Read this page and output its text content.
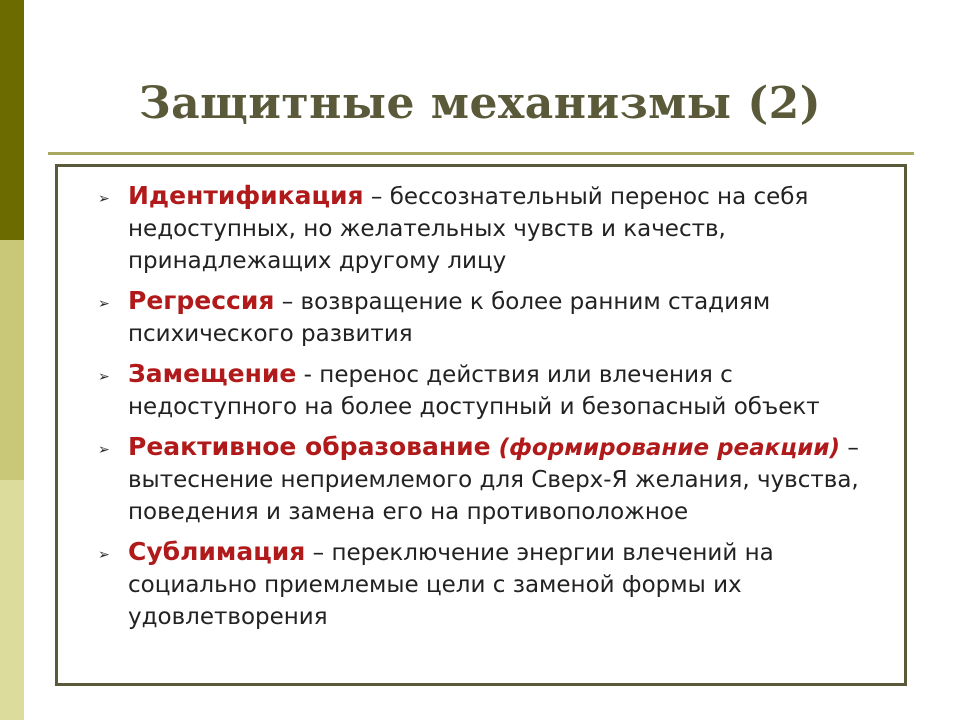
Защитные механизмы (2)
➢ Идентификация – бессознательный перенос на себя недоступных, но желательных чувств и качеств, принадлежащих другому лицу
➢ Регрессия – возвращение к более ранним стадиям психического развития
➢ Замещение - перенос действия или влечения с недоступного на более доступный и безопасный объект
➢ Реактивное образование (формирование реакции) – вытеснение неприемлемого для Сверх-Я желания, чувства, поведения и замена его на противоположное
➢ Сублимация – переключение энергии влечений на социально приемлемые цели с заменой формы их удовлетворения
